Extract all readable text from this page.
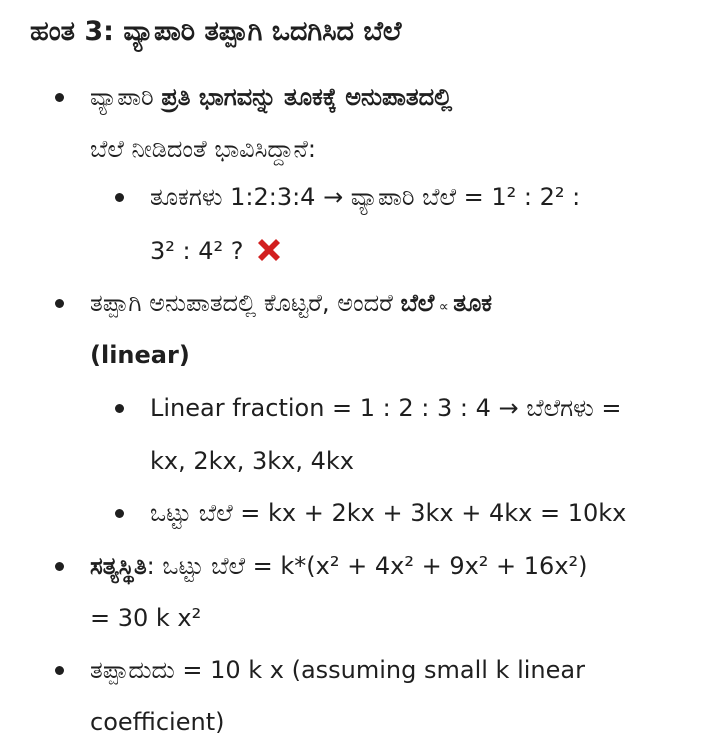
ಹಂತ 3: ವ್ಯಾಪಾರಿ ತಪ್ಪಾಗಿ ಒದಗಿಸಿದ ಬೆಲೆ
ವ್ಯಾಪಾರಿ ಪ್ರತಿ ಭಾಗವನ್ನು ತೂಕಕ್ಕೆ ಅನುಪಾತದಲ್ಲಿ
ಬೆಲೆ ನೀಡಿದಂತೆ ಭಾವಿಸಿದ್ದಾನೆ:
ತೂಕಗಳು 1:2:3:4 → ವ್ಯಾಪಾರಿ ಬೆಲೆ = 1² : 2² :
3² : 4² ?
ತಪ್ಪಾಗಿ ಅನುಪಾತದಲ್ಲಿ ಕೊಟ್ಟರೆ, ಅಂದರೆ ಬೆಲೆ ∝ ತೂಕ
(linear)
Linear fraction = 1 : 2 : 3 : 4 → ಬೆಲೆಗಳು =
kx, 2kx, 3kx, 4kx
ಒಟ್ಟು ಬೆಲೆ = kx + 2kx + 3kx + 4kx = 10kx
ಸತ್ಯಸ್ಥಿತಿ: ಒಟ್ಟು ಬೆಲೆ = k*(x² + 4x² + 9x² + 16x²)
= 30 k x²
ತಪ್ಪಾದುದು = 10 k x (assuming small k linear
coefficient)
